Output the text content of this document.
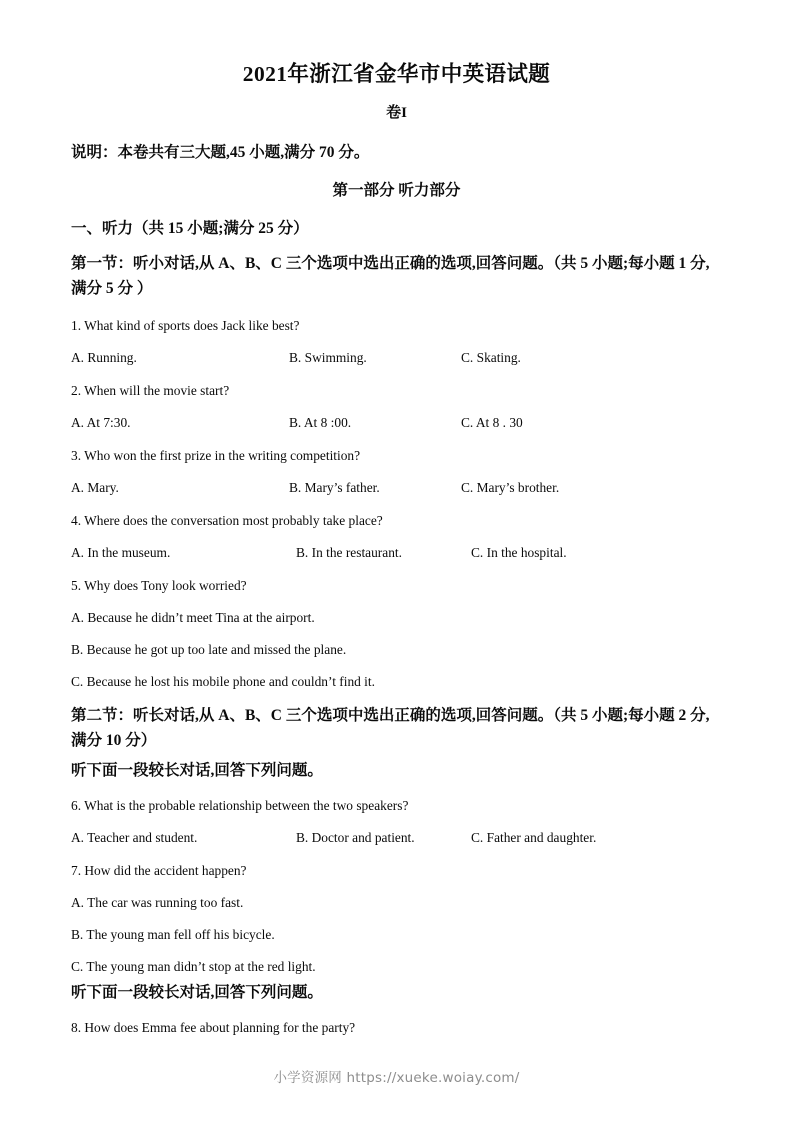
2021年浙江省金华市中英语试题
卷I
说明：本卷共有三大题,45 小题,满分 70 分。
第一部分 听力部分
一、听力（共 15 小题;满分 25 分）
第一节：听小对话,从 A、B、C 三个选项中选出正确的选项,回答问题。（共 5 小题;每小题 1 分,满分 5 分 ）
1. What kind of sports does Jack like best?
A. Running.	B. Swimming.	C. Skating.
2. When will the movie start?
A. At 7:30.	B. At 8 :00.	C. At 8 . 30
3. Who won the first prize in the writing competition?
A. Mary.	B. Mary’s father.	C. Mary’s brother.
4. Where does the conversation most probably take place?
A. In the museum.	B. In the restaurant.	C. In the hospital.
5. Why does Tony look worried?
A. Because he didn’t meet Tina at the airport.
B. Because he got up too late and missed the plane.
C. Because he lost his mobile phone and couldn’t find it.
第二节：听长对话,从 A、B、C 三个选项中选出正确的选项,回答问题。（共 5 小题;每小题 2 分,满分 10 分）
听下面一段较长对话,回答下列问题。
6. What is the probable relationship between the two speakers?
A. Teacher and student.	B. Doctor and patient.	C. Father and daughter.
7. How did the accident happen?
A. The car was running too fast.
B. The young man fell off his bicycle.
C. The young man didn’t stop at the red light.
听下面一段较长对话,回答下列问题。
8. How does Emma fee about planning for the party?
小学资源网 https://xueke.woiay.com/
